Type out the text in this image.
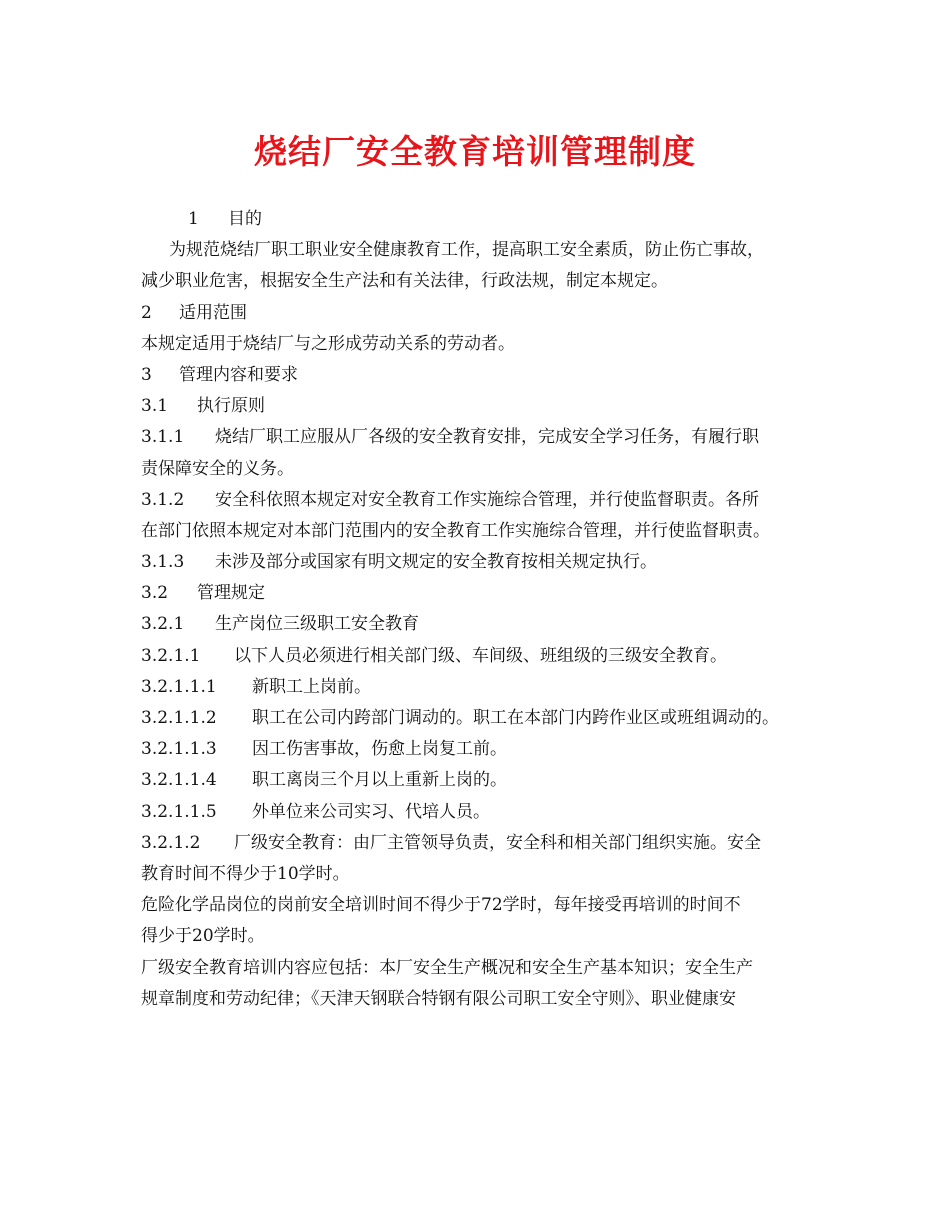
烧结厂安全教育培训管理制度
1 目的
为规范烧结厂职工职业安全健康教育工作，提高职工安全素质，防止伤亡事故，
减少职业危害，根据安全生产法和有关法律，行政法规，制定本规定。
2 适用范围
本规定适用于烧结厂与之形成劳动关系的劳动者。
3 管理内容和要求
3.1 执行原则
3.1.1 烧结厂职工应服从厂各级的安全教育安排，完成安全学习任务，有履行职
责保障安全的义务。
3.1.2 安全科依照本规定对安全教育工作实施综合管理，并行使监督职责。各所
在部门依照本规定对本部门范围内的安全教育工作实施综合管理，并行使监督职责。
3.1.3 未涉及部分或国家有明文规定的安全教育按相关规定执行。
3.2 管理规定
3.2.1 生产岗位三级职工安全教育
3.2.1.1 以下人员必须进行相关部门级、车间级、班组级的三级安全教育。
3.2.1.1.1 新职工上岗前。
3.2.1.1.2 职工在公司内跨部门调动的。职工在本部门内跨作业区或班组调动的。
3.2.1.1.3 因工伤害事故，伤愈上岗复工前。
3.2.1.1.4 职工离岗三个月以上重新上岗的。
3.2.1.1.5 外单位来公司实习、代培人员。
3.2.1.2 厂级安全教育：由厂主管领导负责，安全科和相关部门组织实施。安全
教育时间不得少于10学时。
危险化学品岗位的岗前安全培训时间不得少于72学时，每年接受再培训的时间不
得少于20学时。
厂级安全教育培训内容应包括：本厂安全生产概况和安全生产基本知识；安全生产
规章制度和劳动纪律；《天津天钢联合特钢有限公司职工安全守则》、职业健康安
